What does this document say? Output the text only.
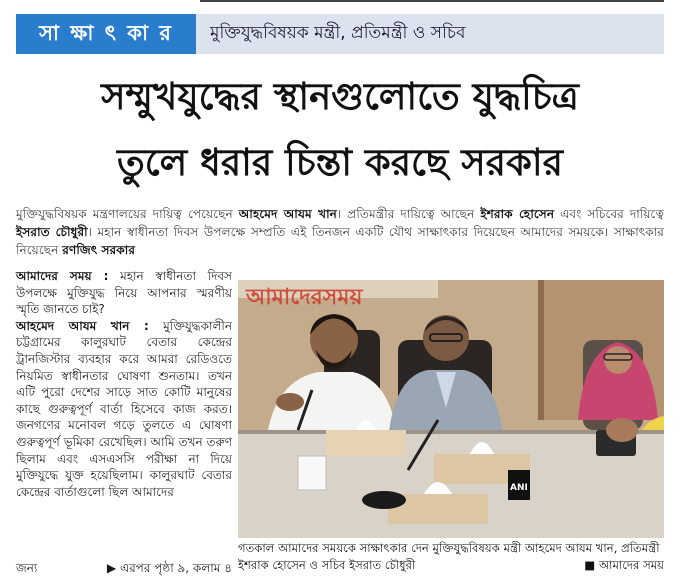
সা ক্ষা ৎ কা র	মুক্তিযুদ্ধবিষয়ক মন্ত্রী, প্রতিমন্ত্রী ও সচিব
সম্মুখযুদ্ধের স্থানগুলোতে যুদ্ধচিত্র
তুলে ধরার চিন্তা করছে সরকার
মুক্তিযুদ্ধবিষয়ক মন্ত্রণালয়ের দায়িত্ব পেয়েছেন আহমেদ আযম খান। প্রতিমন্ত্রীর দায়িত্বে আছেন ইশরাক হোসেন এবং সচিবের দায়িত্বে ইসরাত চৌধুরী। মহান স্বাধীনতা দিবস উপলক্ষে সম্প্রতি এই তিনজন একটি যৌথ সাক্ষাৎকার দিয়েছেন আমাদের সময়কে। সাক্ষাৎকার নিয়েছেন রণজিৎ সরকার

আমাদের সময় : মহান স্বাধীনতা দিবস উপলক্ষে মুক্তিযুদ্ধ নিয়ে আপনার স্মরণীয় স্মৃতি জানতে চাই?

আহমেদ আযম খান : মুক্তিযুদ্ধকালীন চট্টগ্রামের কালুরঘাট বেতার কেন্দ্রের ট্রানজিস্টার ব্যবহার করে আমরা রেডিওতে নিয়মিত স্বাধীনতার ঘোষণা শুনতাম। তখন এটি পুরো দেশের সাড়ে সাত কোটি মানুষের কাছে গুরুত্বপূর্ণ বার্তা হিসেবে কাজ করত। জনগণের মনোবল গড়ে তুলতে এ ঘোষণা গুরুত্বপূর্ণ ভূমিকা রেখেছিল। আমি তখন তরুণ ছিলাম এবং এসএসসি পরীক্ষা না দিয়ে মুক্তিযুদ্ধে যুক্ত হয়েছিলাম। কালুরঘাট বেতার কেন্দ্রের বার্তাগুলো ছিল আমাদের

জন্য	▶ এরপর পৃষ্ঠা ৯, কলাম ৪
আমাদেরসময়
ANI
গতকাল আমাদের সময়কে সাক্ষাৎকার দেন মুক্তিযুদ্ধবিষয়ক মন্ত্রী আহমেদ আযম খান, প্রতিমন্ত্রী ইশরাক হোসেন ও সচিব ইসরাত চৌধুরী	■ আমাদের সময়
